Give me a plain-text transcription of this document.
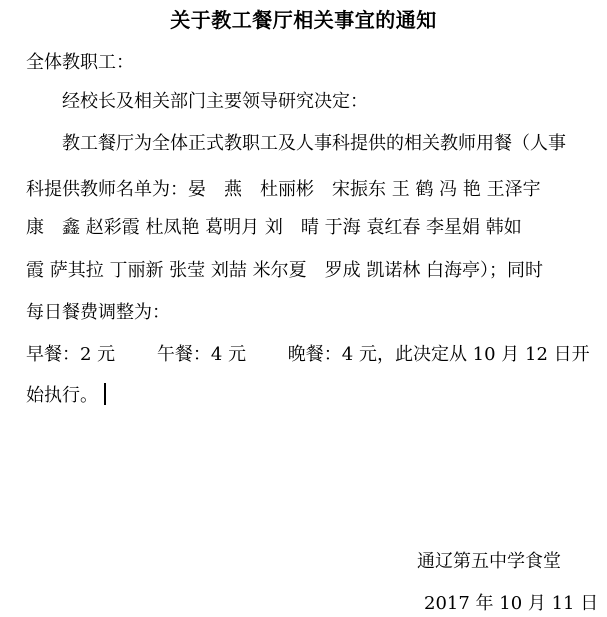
关于教工餐厅相关事宜的通知
全体教职工：
经校长及相关部门主要领导研究决定：
教工餐厅为全体正式教职工及人事科提供的相关教师用餐（人事
科提供教师名单为：晏　燕　杜丽彬　宋振东 王 鹤 冯 艳 王泽宇
康　鑫 赵彩霞 杜凤艳 葛明月 刘　晴 于海 袁红春 李星娟 韩如
霞 萨其拉 丁丽新 张莹 刘喆 米尔夏　罗成 凯诺林 白海亭）；同时
每日餐费调整为：
早餐：2 元　　 午餐：4 元　　 晚餐：4 元，此决定从 10 月 12 日开
始执行。
通辽第五中学食堂
2017 年 10 月 11 日
